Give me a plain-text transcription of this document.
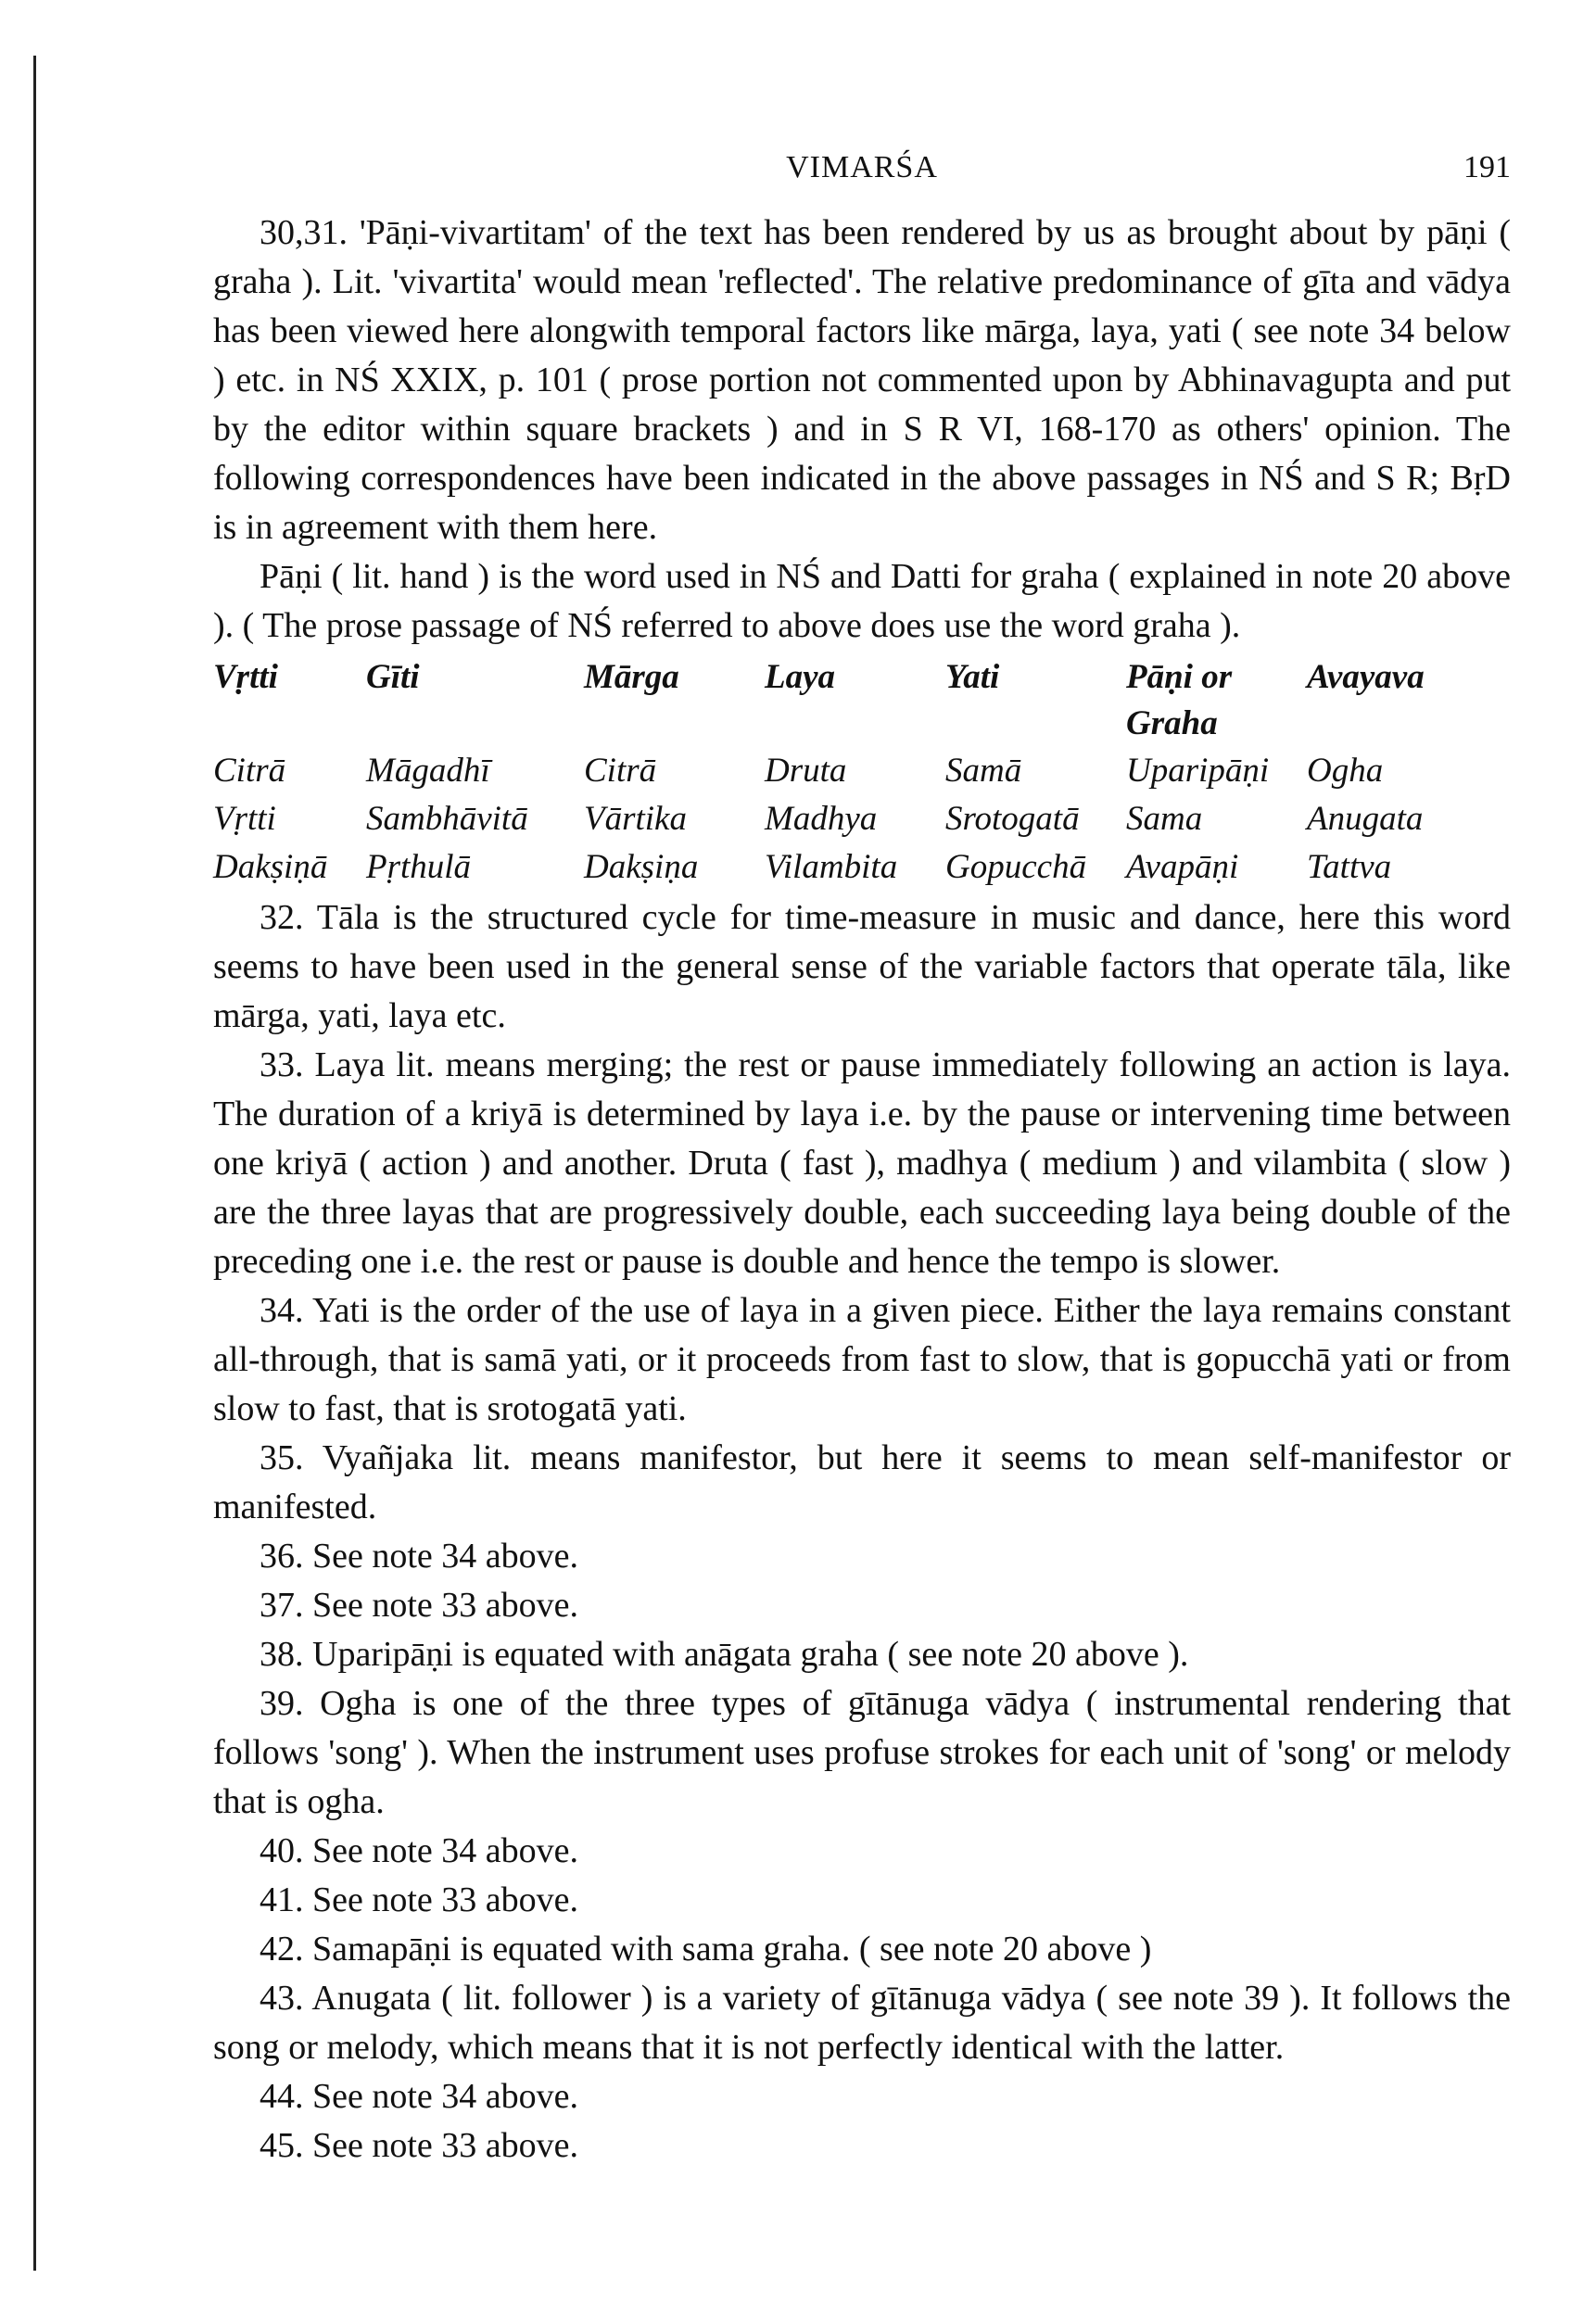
VIMARŚA	191

30,31. 'Pāṇi-vivartitam' of the text has been rendered by us as brought about by pāṇi ( graha ). Lit. 'vivartita' would mean 'reflected'. The relative predominance of gīta and vādya has been viewed here alongwith temporal factors like mārga, laya, yati ( see note 34 below ) etc. in NŚ XXIX, p. 101 ( prose portion not commented upon by Abhinavagupta and put by the editor within square brackets ) and in S R VI, 168-170 as others' opinion. The following correspondences have been indicated in the above passages in NŚ and S R; BṛD is in agreement with them here.

Pāṇi ( lit. hand ) is the word used in NŚ and Datti for graha ( explained in note 20 above ). ( The prose passage of NŚ referred to above does use the word graha ).

Vṛtti	Gīti	Mārga	Laya	Yati	Pāṇi or Graha	Avayava
Citrā	Māgadhī	Citrā	Druta	Samā	Uparipāṇi	Ogha
Vṛtti	Sambhāvitā	Vārtika	Madhya	Srotogatā	Sama	Anugata
Dakṣiṇā	Pṛthulā	Dakṣiṇa	Vilambita	Gopucchā	Avapāṇi	Tattva

32. Tāla is the structured cycle for time-measure in music and dance, here this word seems to have been used in the general sense of the variable factors that operate tāla, like mārga, yati, laya etc.

33. Laya lit. means merging; the rest or pause immediately following an action is laya. The duration of a kriyā is determined by laya i.e. by the pause or intervening time between one kriyā ( action ) and another. Druta ( fast ), madhya ( medium ) and vilambita ( slow ) are the three layas that are progressively double, each succeeding laya being double of the preceding one i.e. the rest or pause is double and hence the tempo is slower.

34. Yati is the order of the use of laya in a given piece. Either the laya remains constant all-through, that is samā yati, or it proceeds from fast to slow, that is gopucchā yati or from slow to fast, that is srotogatā yati.

35. Vyañjaka lit. means manifestor, but here it seems to mean self-manifestor or manifested.

36. See note 34 above.

37. See note 33 above.

38. Uparipāṇi is equated with anāgata graha ( see note 20 above ).

39. Ogha is one of the three types of gītānuga vādya ( instrumental rendering that follows 'song' ). When the instrument uses profuse strokes for each unit of 'song' or melody that is ogha.

40. See note 34 above.

41. See note 33 above.

42. Samapāṇi is equated with sama graha. ( see note 20 above )

43. Anugata ( lit. follower ) is a variety of gītānuga vādya ( see note 39 ). It follows the song or melody, which means that it is not perfectly identical with the latter.

44. See note 34 above.

45. See note 33 above.
